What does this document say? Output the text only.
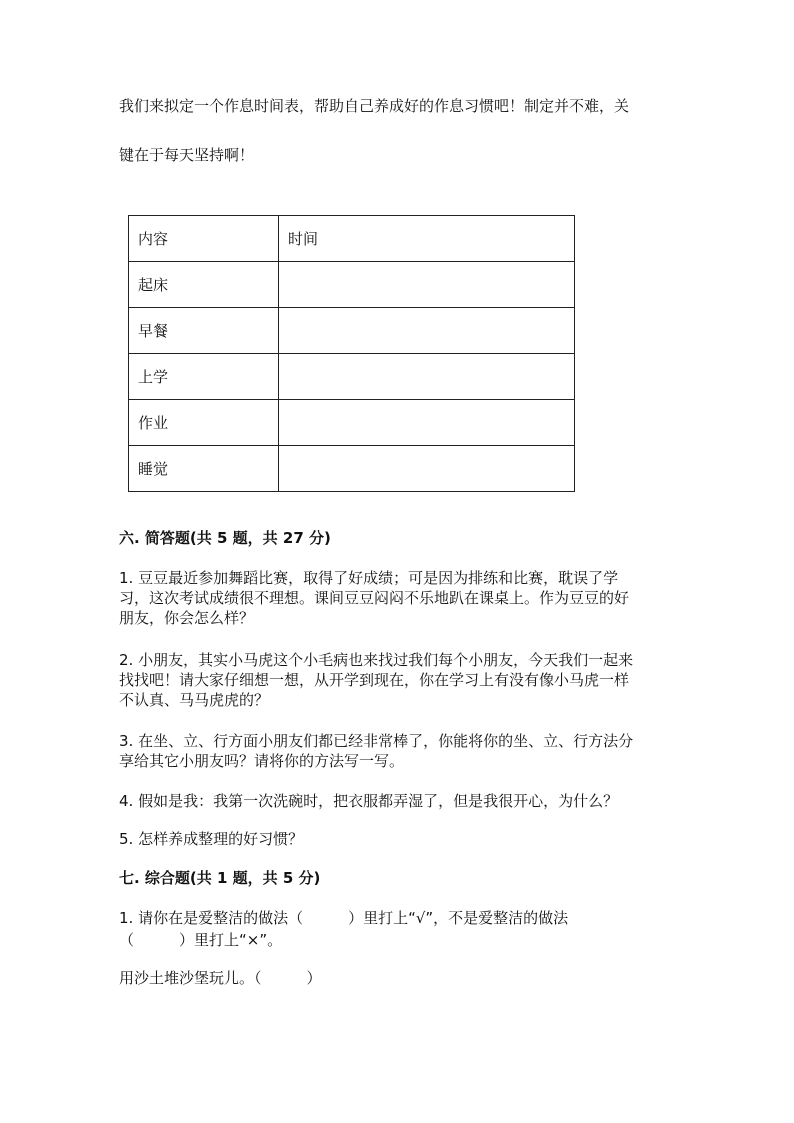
我们来拟定一个作息时间表，帮助自己养成好的作息习惯吧！制定并不难，关
键在于每天坚持啊！
内容	时间
起床	
早餐	
上学	
作业	
睡觉	
六. 简答题(共 5 题，共 27 分)
1. 豆豆最近参加舞蹈比赛，取得了好成绩；可是因为排练和比赛，耽误了学
习，这次考试成绩很不理想。课间豆豆闷闷不乐地趴在课桌上。作为豆豆的好
朋友，你会怎么样？
2. 小朋友，其实小马虎这个小毛病也来找过我们每个小朋友，今天我们一起来
找找吧！请大家仔细想一想，从开学到现在，你在学习上有没有像小马虎一样
不认真、马马虎虎的？
3. 在坐、立、行方面小朋友们都已经非常棒了，你能将你的坐、立、行方法分
享给其它小朋友吗？请将你的方法写一写。
4. 假如是我：我第一次洗碗时，把衣服都弄湿了，但是我很开心，为什么？
5. 怎样养成整理的好习惯？
七. 综合题(共 1 题，共 5 分)
1. 请你在是爱整洁的做法（　　　）里打上“√”，不是爱整洁的做法
（　　　）里打上“×”。
用沙土堆沙堡玩儿。（　　　）
